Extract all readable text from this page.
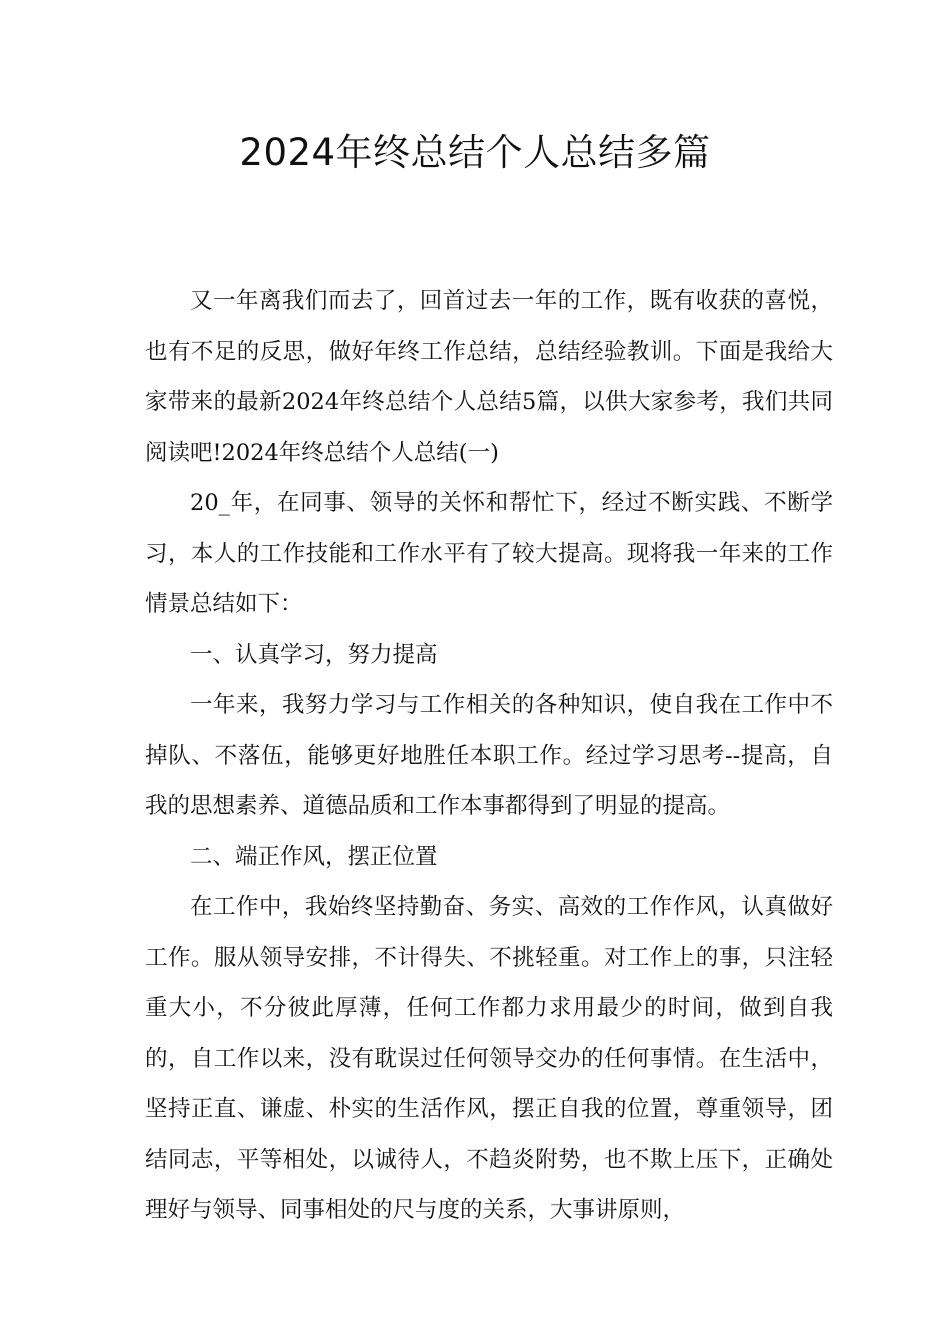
2024年终总结个人总结多篇

又一年离我们而去了，回首过去一年的工作，既有收获的喜悦，也有不足的反思，做好年终工作总结，总结经验教训。下面是我给大家带来的最新2024年终总结个人总结5篇，以供大家参考，我们共同阅读吧!2024年终总结个人总结(一)

20_年，在同事、领导的关怀和帮忙下，经过不断实践、不断学习，本人的工作技能和工作水平有了较大提高。现将我一年来的工作情景总结如下：

一、认真学习，努力提高

一年来，我努力学习与工作相关的各种知识，使自我在工作中不掉队、不落伍，能够更好地胜任本职工作。经过学习思考--提高，自我的思想素养、道德品质和工作本事都得到了明显的提高。

二、端正作风，摆正位置

在工作中，我始终坚持勤奋、务实、高效的工作作风，认真做好工作。服从领导安排，不计得失、不挑轻重。对工作上的事，只注轻重大小，不分彼此厚薄，任何工作都力求用最少的时间，做到自我的，自工作以来，没有耽误过任何领导交办的任何事情。在生活中，坚持正直、谦虚、朴实的生活作风，摆正自我的位置，尊重领导，团结同志，平等相处，以诚待人，不趋炎附势，也不欺上压下，正确处理好与领导、同事相处的尺与度的关系，大事讲原则，
